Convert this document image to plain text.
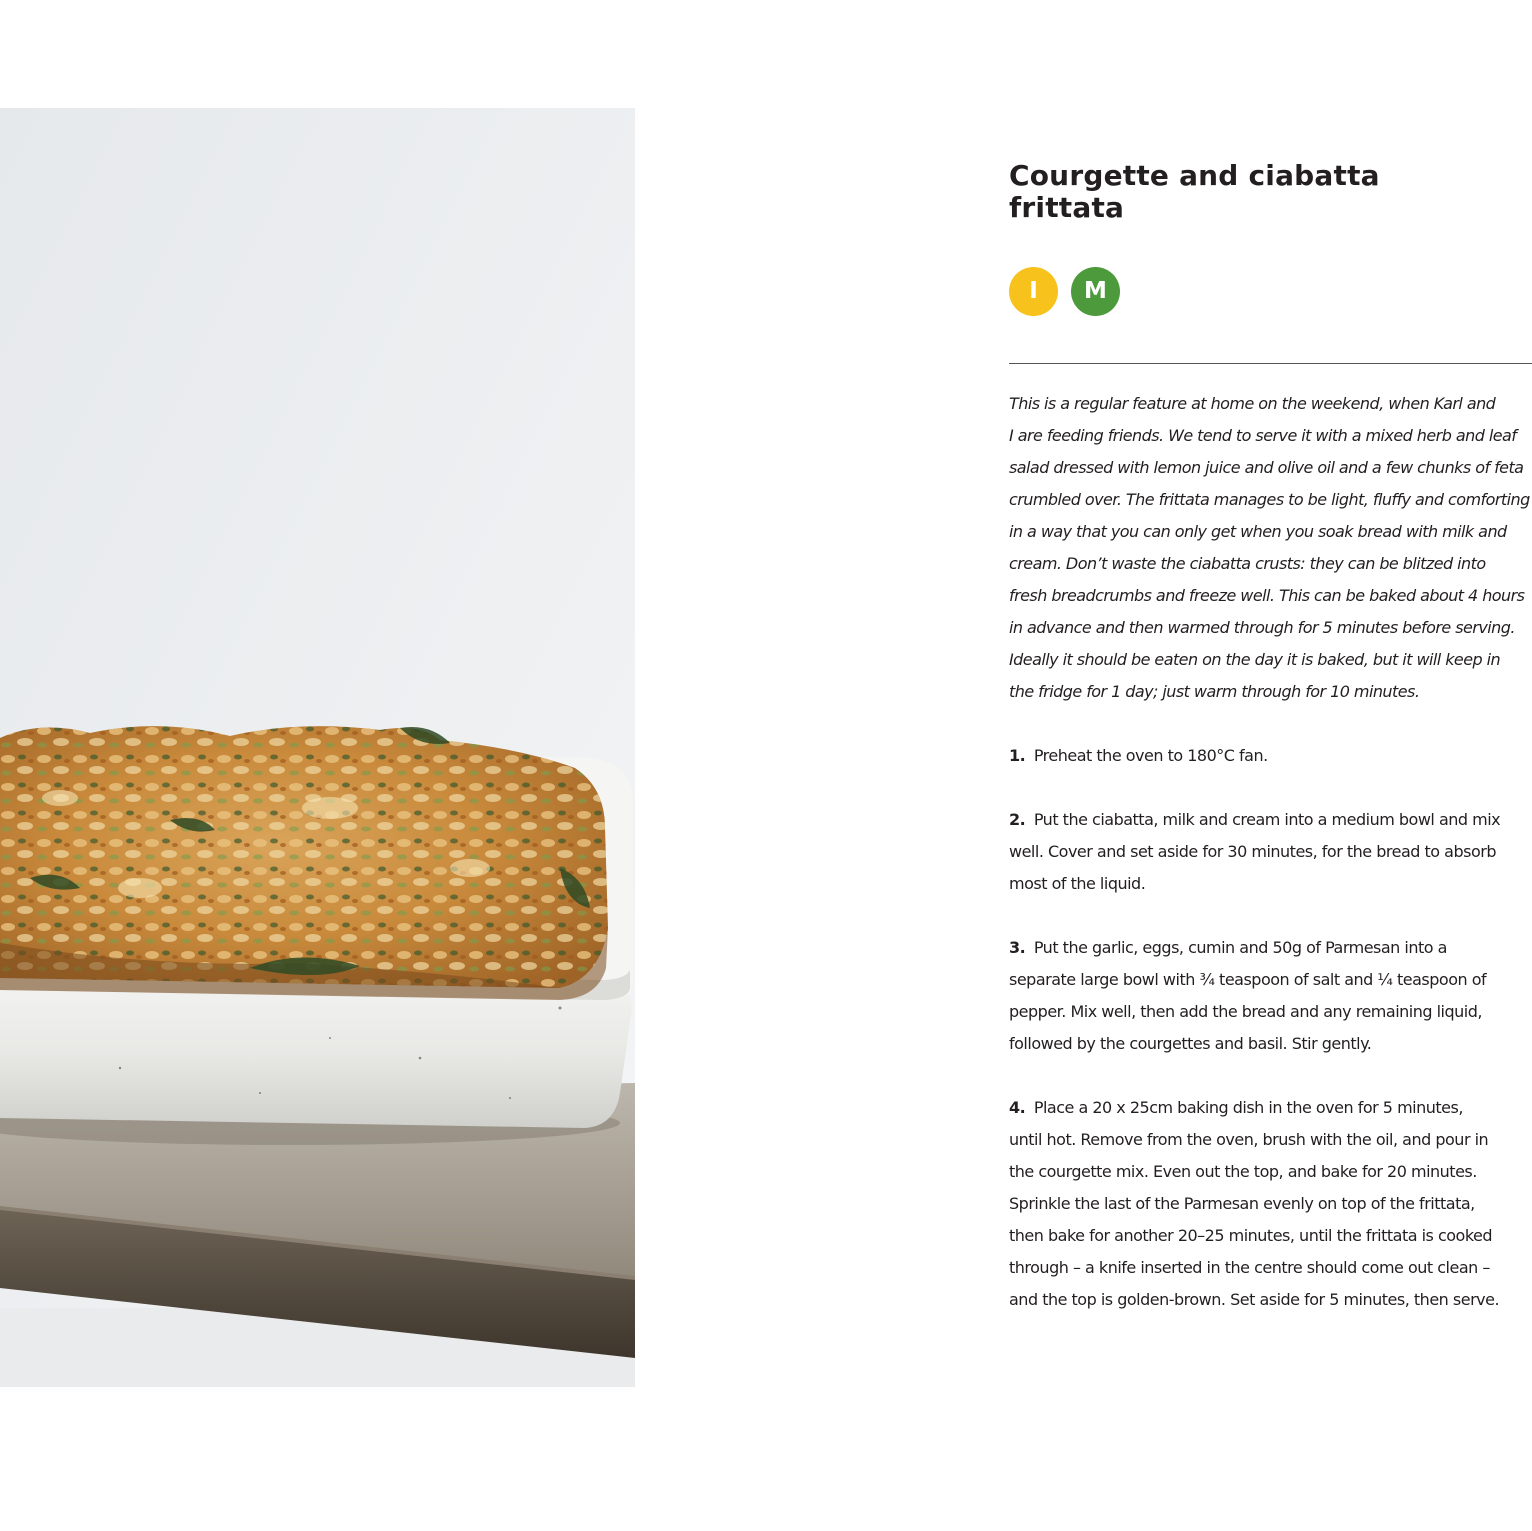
Courgette and ciabatta
frittata
I	M

This is a regular feature at home on the weekend, when Karl and
I are feeding friends. We tend to serve it with a mixed herb and leaf
salad dressed with lemon juice and olive oil and a few chunks of feta
crumbled over. The frittata manages to be light, fluffy and comforting
in a way that you can only get when you soak bread with milk and
cream. Don’t waste the ciabatta crusts: they can be blitzed into
fresh breadcrumbs and freeze well. This can be baked about 4 hours
in advance and then warmed through for 5 minutes before serving.
Ideally it should be eaten on the day it is baked, but it will keep in
the fridge for 1 day; just warm through for 10 minutes.

1. Preheat the oven to 180°C fan.

2. Put the ciabatta, milk and cream into a medium bowl and mix
well. Cover and set aside for 30 minutes, for the bread to absorb
most of the liquid.

3. Put the garlic, eggs, cumin and 50g of Parmesan into a
separate large bowl with ¾ teaspoon of salt and ¼ teaspoon of
pepper. Mix well, then add the bread and any remaining liquid,
followed by the courgettes and basil. Stir gently.

4. Place a 20 x 25cm baking dish in the oven for 5 minutes,
until hot. Remove from the oven, brush with the oil, and pour in
the courgette mix. Even out the top, and bake for 20 minutes.
Sprinkle the last of the Parmesan evenly on top of the frittata,
then bake for another 20–25 minutes, until the frittata is cooked
through – a knife inserted in the centre should come out clean –
and the top is golden-brown. Set aside for 5 minutes, then serve.
